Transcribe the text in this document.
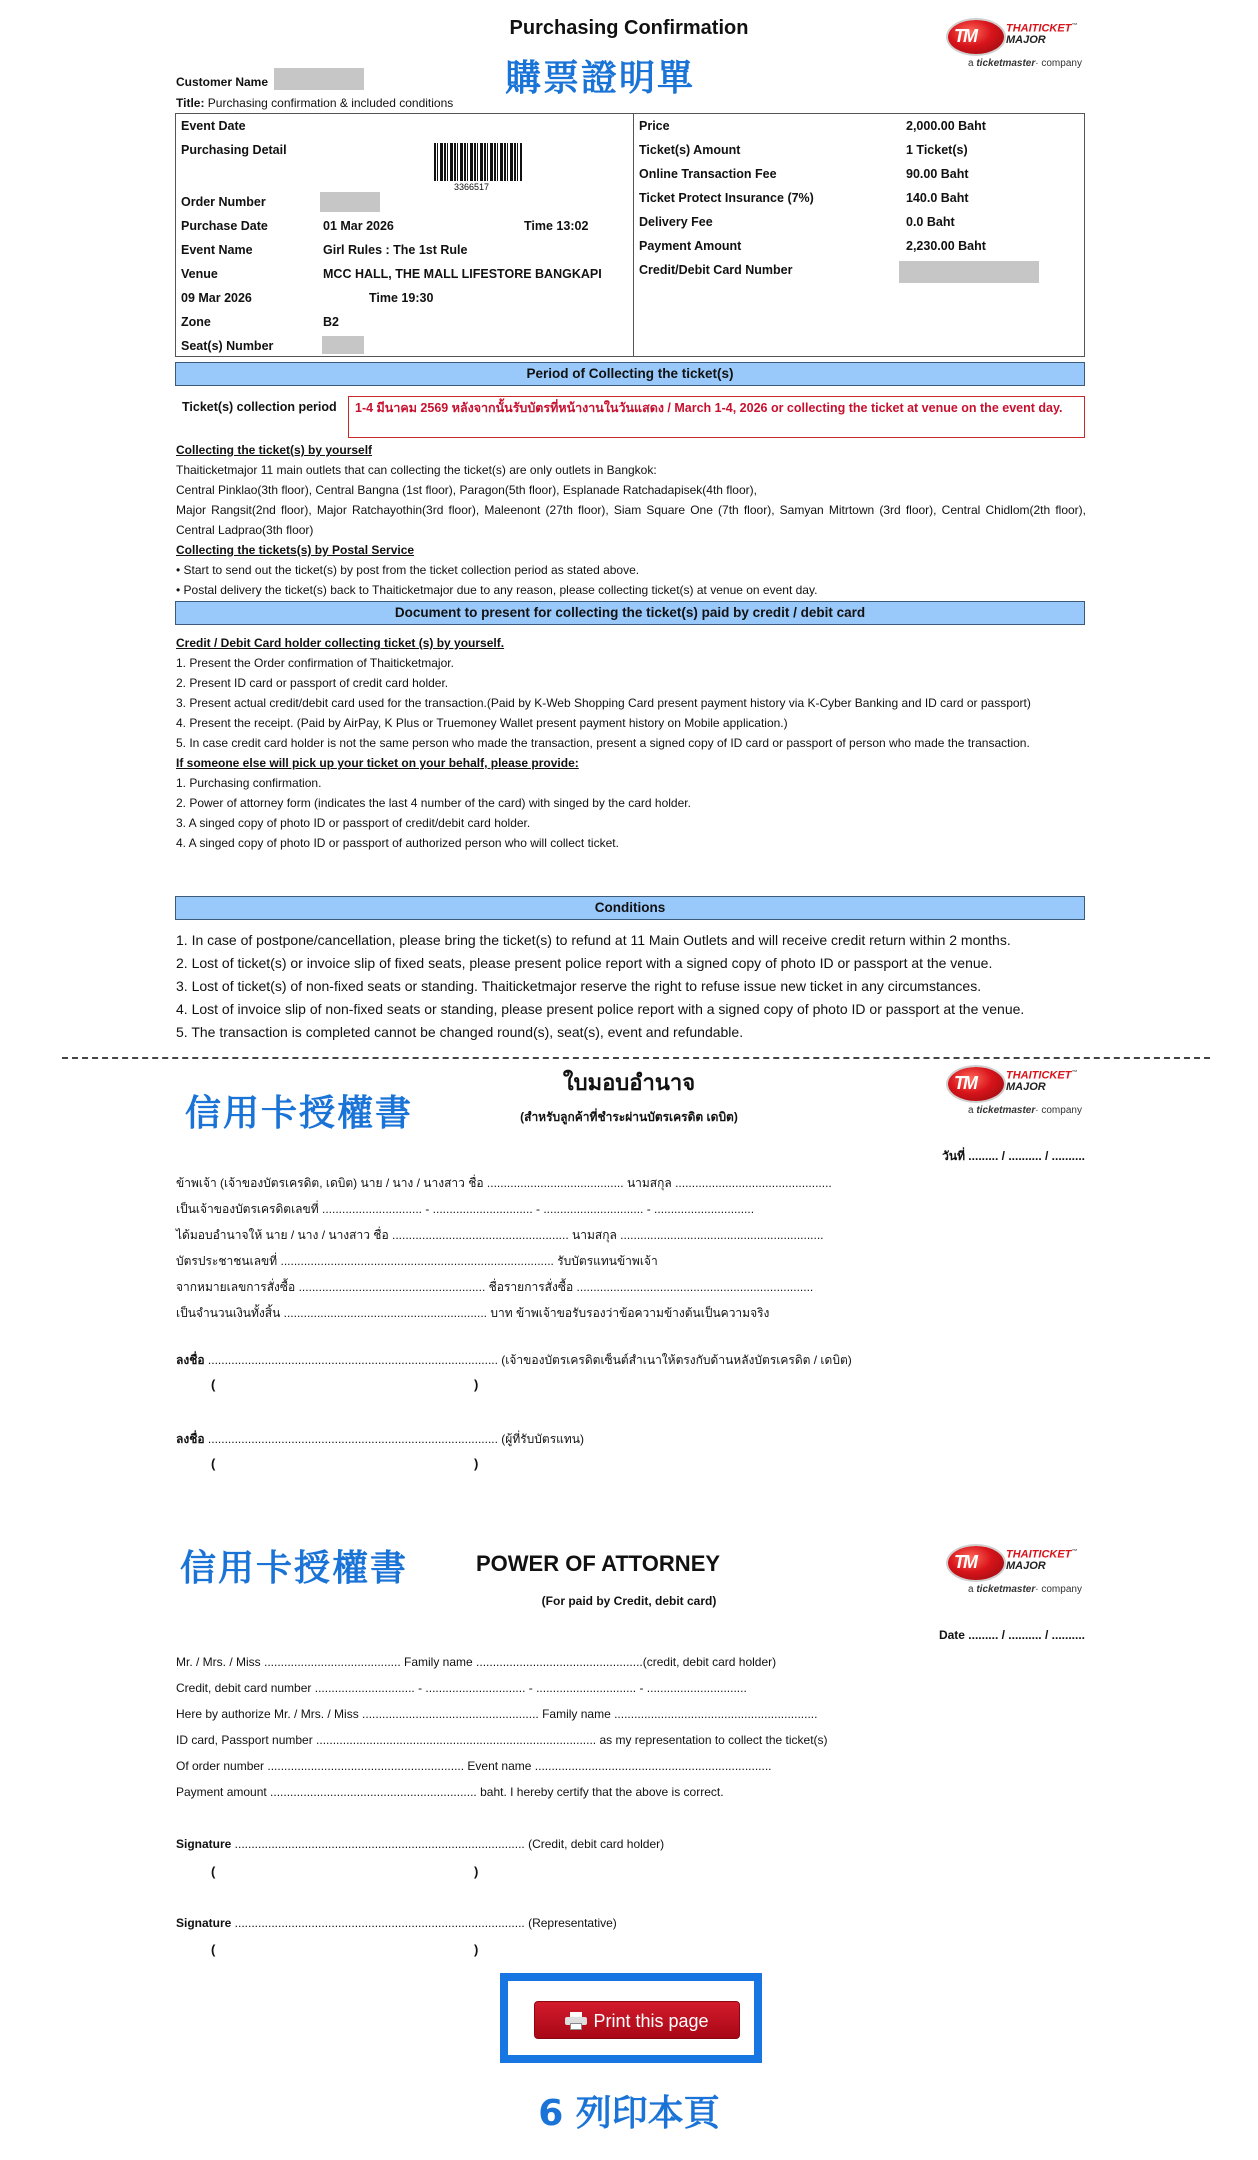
Purchasing Confirmation
購票證明單
TM	THAITICKET™
MAJOR
a ticketmaster· company
Customer Name
Title: Purchasing confirmation & included conditions
Event Date
Purchasing Detail
3366517
Order Number
Purchase Date	01 Mar 2026	Time 13:02
Event Name	Girl Rules : The 1st Rule
Venue	MCC HALL, THE MALL LIFESTORE BANGKAPI
09 Mar 2026	Time 19:30
Zone	B2
Seat(s) Number
Price	2,000.00 Baht
Ticket(s) Amount	1 Ticket(s)
Online Transaction Fee	90.00 Baht
Ticket Protect Insurance (7%)	140.0 Baht
Delivery Fee	0.0 Baht
Payment Amount	2,230.00 Baht
Credit/Debit Card Number
Period of Collecting the ticket(s)
Ticket(s) collection period	1-4 มีนาคม 2569 หลังจากนั้นรับบัตรที่หน้างานในวันแสดง / March 1-4, 2026 or collecting the ticket at venue on the event day.
Collecting the ticket(s) by yourself
Thaiticketmajor 11 main outlets that can collecting the ticket(s) are only outlets in Bangkok:
Central Pinklao(3th floor), Central Bangna (1st floor), Paragon(5th floor), Esplanade Ratchadapisek(4th floor),
Major Rangsit(2nd floor), Major Ratchayothin(3rd floor), Maleenont (27th floor), Siam Square One (7th floor), Samyan Mitrtown (3rd floor), Central Chidlom(2th floor), Central Ladprao(3th floor)
Collecting the tickets(s) by Postal Service
• Start to send out the ticket(s) by post from the ticket collection period as stated above.
• Postal delivery the ticket(s) back to Thaiticketmajor due to any reason, please collecting ticket(s) at venue on event day.
Document to present for collecting the ticket(s) paid by credit / debit card
Credit / Debit Card holder collecting ticket (s) by yourself.
1. Present the Order confirmation of Thaiticketmajor.
2. Present ID card or passport of credit card holder.
3. Present actual credit/debit card used for the transaction.(Paid by K-Web Shopping Card present payment history via K-Cyber Banking and ID card or passport)
4. Present the receipt. (Paid by AirPay, K Plus or Truemoney Wallet present payment history on Mobile application.)
5. In case credit card holder is not the same person who made the transaction, present a signed copy of ID card or passport of person who made the transaction.
If someone else will pick up your ticket on your behalf, please provide:
1. Purchasing confirmation.
2. Power of attorney form (indicates the last 4 number of the card) with singed by the card holder.
3. A singed copy of photo ID or passport of credit/debit card holder.
4. A singed copy of photo ID or passport of authorized person who will collect ticket.
Conditions
1. In case of postpone/cancellation, please bring the ticket(s) to refund at 11 Main Outlets and will receive credit return within 2 months.
2. Lost of ticket(s) or invoice slip of fixed seats, please present police report with a signed copy of photo ID or passport at the venue.
3. Lost of ticket(s) of non-fixed seats or standing. Thaiticketmajor reserve the right to refuse issue new ticket in any circumstances.
4. Lost of invoice slip of non-fixed seats or standing, please present police report with a signed copy of photo ID or passport at the venue.
5. The transaction is completed cannot be changed round(s), seat(s), event and refundable.
ใบมอบอำนาจ
(สำหรับลูกค้าที่ชำระผ่านบัตรเครดิต เดบิต)
信用卡授權書
TM	THAITICKET™
MAJOR
a ticketmaster· company
วันที่ ......... / .......... / ..........
ข้าพเจ้า (เจ้าของบัตรเครดิต, เดบิต) นาย / นาง / นางสาว ชื่อ ......................................... นามสกุล ...............................................
เป็นเจ้าของบัตรเครดิตเลขที่ .............................. - .............................. - .............................. - ..............................
ได้มอบอำนาจให้ นาย / นาง / นางสาว ชื่อ ..................................................... นามสกุล .............................................................
บัตรประชาชนเลขที่ .................................................................................. รับบัตรแทนข้าพเจ้า
จากหมายเลขการสั่งซื้อ ........................................................ ชื่อรายการสั่งซื้อ .......................................................................
เป็นจำนวนเงินทั้งสิ้น ............................................................. บาท ข้าพเจ้าขอรับรองว่าข้อความข้างต้นเป็นความจริง
ลงชื่อ ....................................................................................... (เจ้าของบัตรเครดิตเซ็นต์สำเนาให้ตรงกับด้านหลังบัตรเครดิต / เดบิต)
(	)
ลงชื่อ ....................................................................................... (ผู้ที่รับบัตรแทน)
(	)
信用卡授權書	POWER OF ATTORNEY
(For paid by Credit, debit card)
TM	THAITICKET™
MAJOR
a ticketmaster· company
Date ......... / .......... / ..........
Mr. / Mrs. / Miss ......................................... Family name ..................................................(credit, debit card holder)
Credit, debit card number .............................. - .............................. - .............................. - ..............................
Here by authorize Mr. / Mrs. / Miss ..................................................... Family name .............................................................
ID card, Passport number .................................................................................... as my representation to collect the ticket(s)
Of order number ........................................................... Event name .......................................................................
Payment amount .............................................................. baht. I hereby certify that the above is correct.
Signature ....................................................................................... (Credit, debit card holder)
(	)
Signature ....................................................................................... (Representative)
(	)
Print this page
6 列印本頁
